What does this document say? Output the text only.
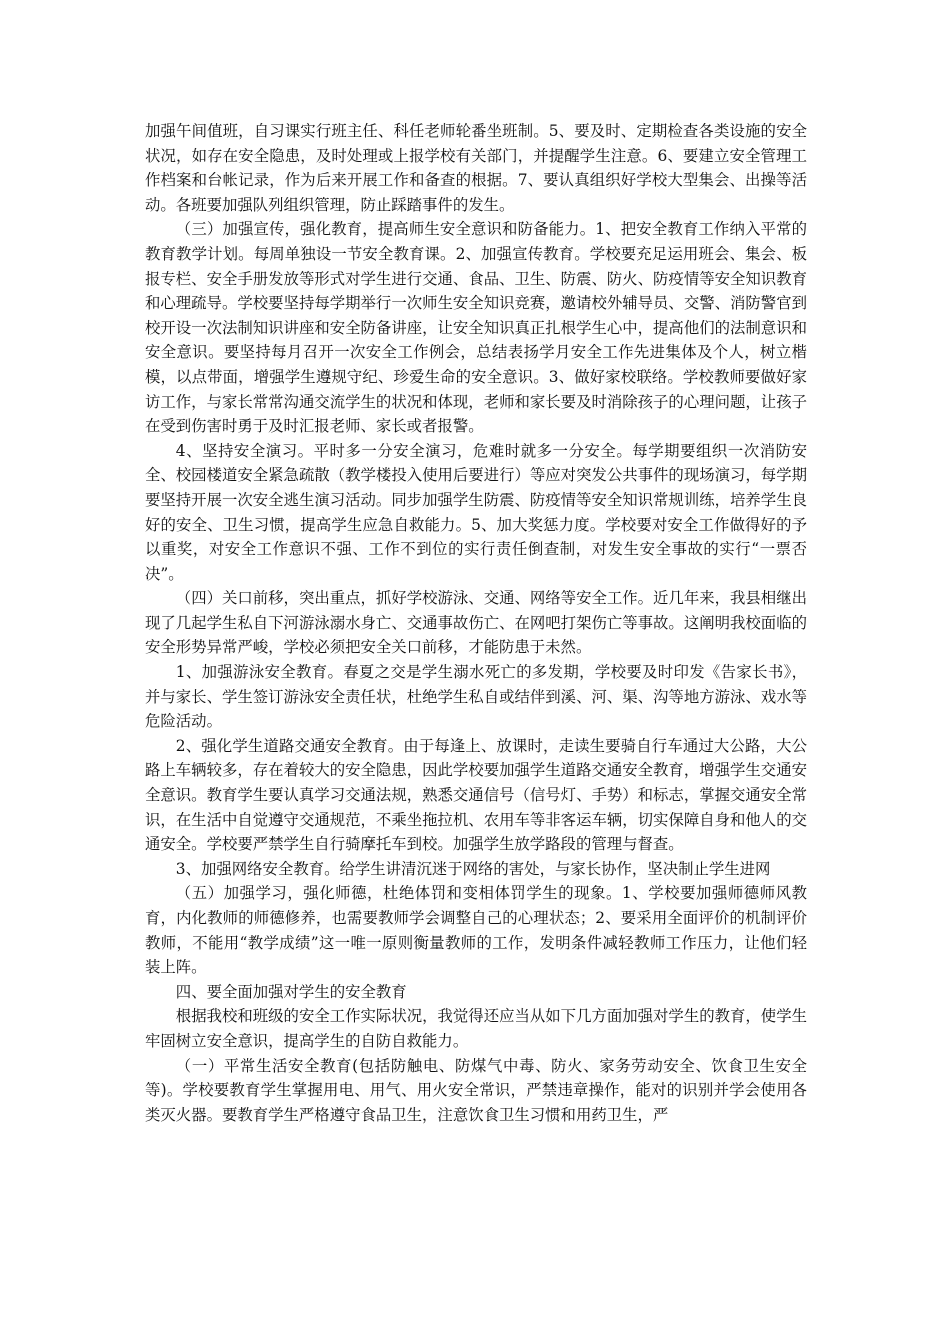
加强午间值班，自习课实行班主任、科任老师轮番坐班制。5、要及时、定期检查各类设施的安全状况，如存在安全隐患，及时处理或上报学校有关部门，并提醒学生注意。6、要建立安全管理工作档案和台帐记录，作为后来开展工作和备查的根据。7、要认真组织好学校大型集会、出操等活动。各班要加强队列组织管理，防止踩踏事件的发生。

（三）加强宣传，强化教育，提高师生安全意识和防备能力。1、把安全教育工作纳入平常的教育教学计划。每周单独设一节安全教育课。2、加强宣传教育。学校要充足运用班会、集会、板报专栏、安全手册发放等形式对学生进行交通、食品、卫生、防震、防火、防疫情等安全知识教育和心理疏导。学校要坚持每学期举行一次师生安全知识竞赛，邀请校外辅导员、交警、消防警官到校开设一次法制知识讲座和安全防备讲座，让安全知识真正扎根学生心中，提高他们的法制意识和安全意识。要坚持每月召开一次安全工作例会，总结表扬学月安全工作先进集体及个人，树立楷模，以点带面，增强学生遵规守纪、珍爱生命的安全意识。3、做好家校联络。学校教师要做好家访工作，与家长常常沟通交流学生的状况和体现，老师和家长要及时消除孩子的心理问题，让孩子在受到伤害时勇于及时汇报老师、家长或者报警。

4、坚持安全演习。平时多一分安全演习，危难时就多一分安全。每学期要组织一次消防安全、校园楼道安全紧急疏散（教学楼投入使用后要进行）等应对突发公共事件的现场演习，每学期要坚持开展一次安全逃生演习活动。同步加强学生防震、防疫情等安全知识常规训练，培养学生良好的安全、卫生习惯，提高学生应急自救能力。5、加大奖惩力度。学校要对安全工作做得好的予以重奖，对安全工作意识不强、工作不到位的实行责任倒查制，对发生安全事故的实行“一票否决”。

（四）关口前移，突出重点，抓好学校游泳、交通、网络等安全工作。近几年来，我县相继出现了几起学生私自下河游泳溺水身亡、交通事故伤亡、在网吧打架伤亡等事故。这阐明我校面临的安全形势异常严峻，学校必须把安全关口前移，才能防患于未然。

1、加强游泳安全教育。春夏之交是学生溺水死亡的多发期，学校要及时印发《告家长书》，并与家长、学生签订游泳安全责任状，杜绝学生私自或结伴到溪、河、渠、沟等地方游泳、戏水等危险活动。

2、强化学生道路交通安全教育。由于每逢上、放课时，走读生要骑自行车通过大公路，大公路上车辆较多，存在着较大的安全隐患，因此学校要加强学生道路交通安全教育，增强学生交通安全意识。教育学生要认真学习交通法规，熟悉交通信号（信号灯、手势）和标志，掌握交通安全常识，在生活中自觉遵守交通规范，不乘坐拖拉机、农用车等非客运车辆，切实保障自身和他人的交通安全。学校要严禁学生自行骑摩托车到校。加强学生放学路段的管理与督查。

3、加强网络安全教育。给学生讲清沉迷于网络的害处，与家长协作，坚决制止学生进网

（五）加强学习，强化师德，杜绝体罚和变相体罚学生的现象。1、学校要加强师德师风教育，内化教师的师德修养，也需要教师学会调整自己的心理状态；2、要采用全面评价的机制评价教师，不能用“教学成绩”这一唯一原则衡量教师的工作，发明条件减轻教师工作压力，让他们轻装上阵。

四、要全面加强对学生的安全教育

根据我校和班级的安全工作实际状况，我觉得还应当从如下几方面加强对学生的教育，使学生牢固树立安全意识，提高学生的自防自救能力。

（一）平常生活安全教育(包括防触电、防煤气中毒、防火、家务劳动安全、饮食卫生安全等)。学校要教育学生掌握用电、用气、用火安全常识，严禁违章操作，能对的识别并学会使用各类灭火器。要教育学生严格遵守食品卫生，注意饮食卫生习惯和用药卫生，严
